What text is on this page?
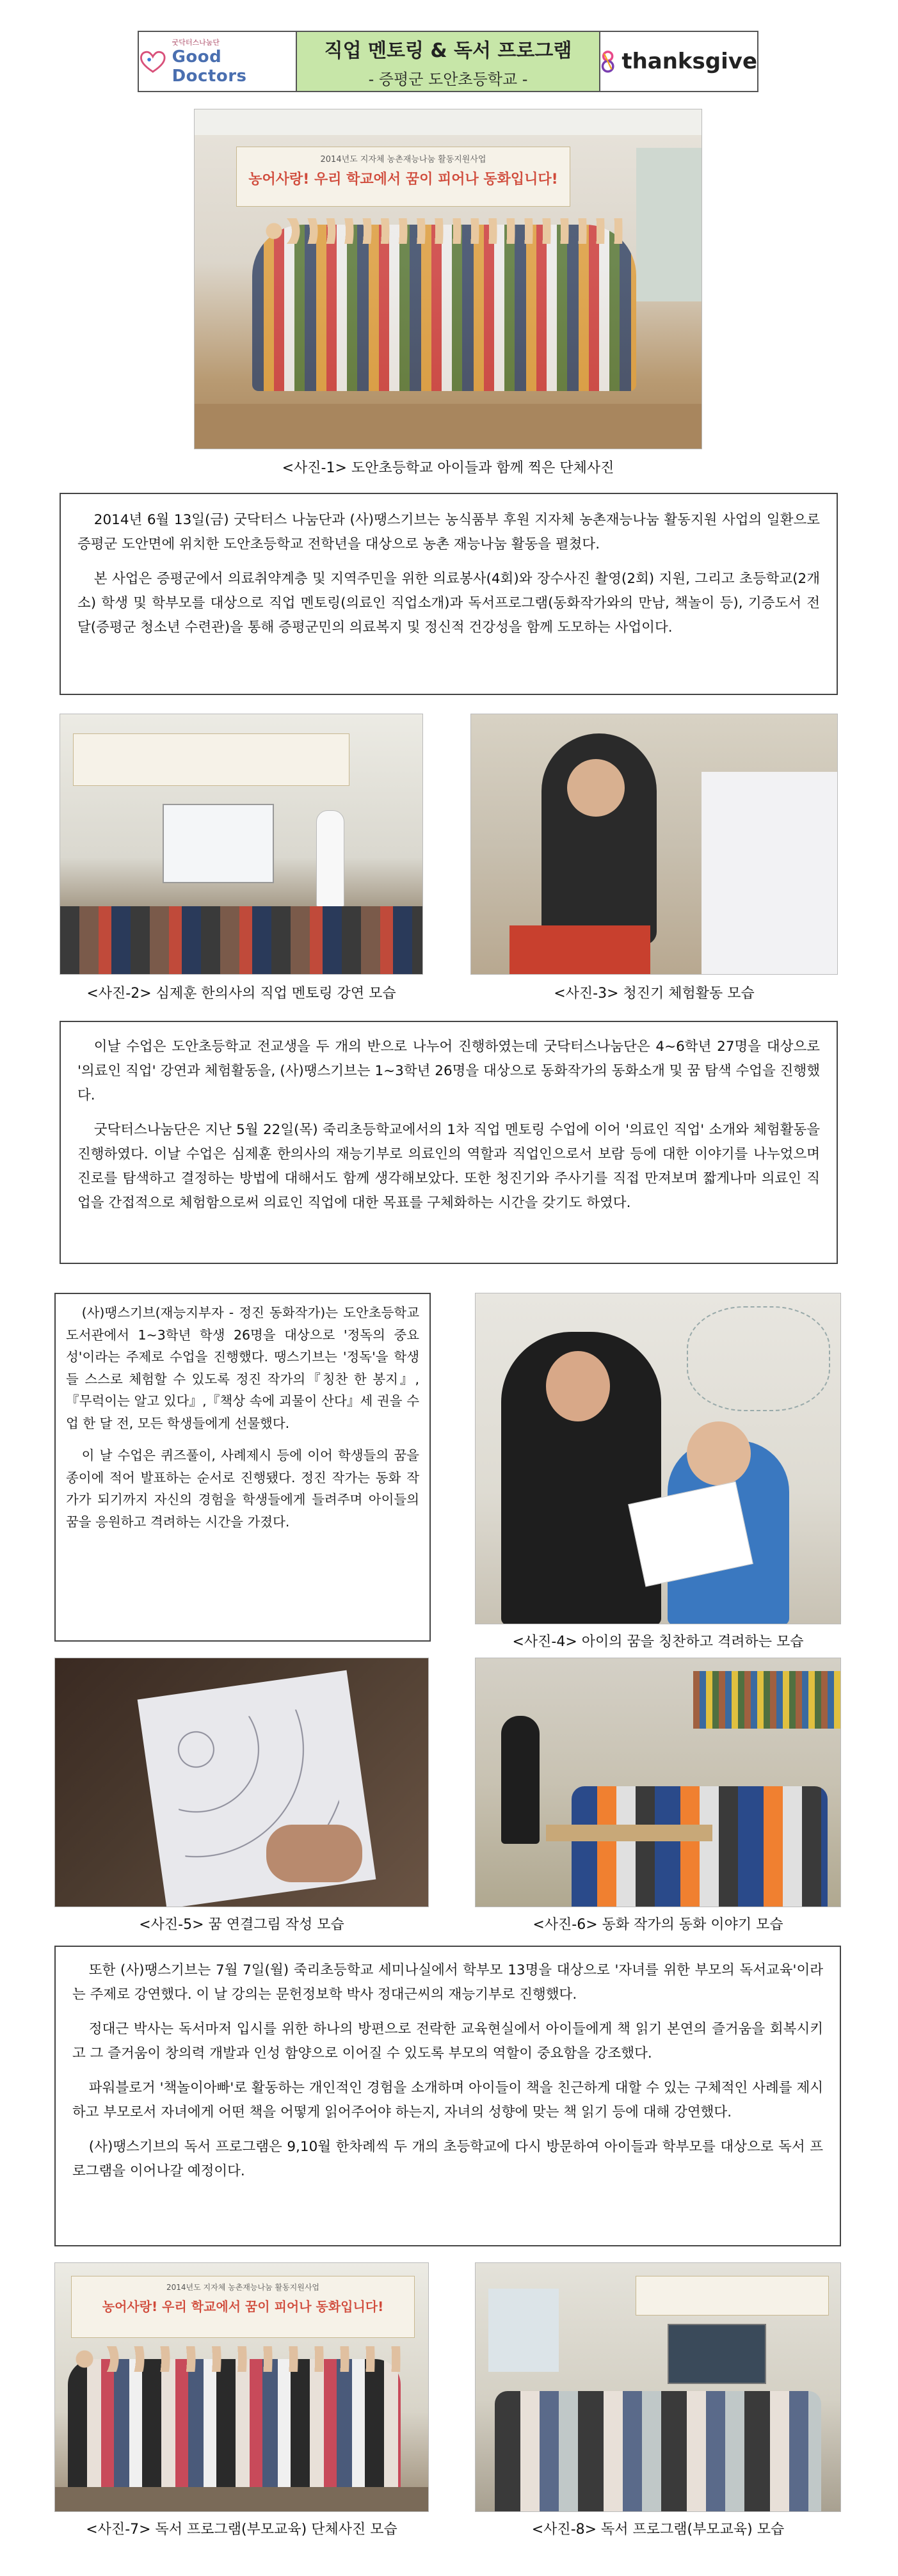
굿닥터스나눔단
Good Doctors
직업 멘토링 & 독서 프로그램
- 증평군 도안초등학교 -
thanksgive
2014년도 지자체 농촌재능나눔 활동지원사업
농어사랑! 우리 학교에서 꿈이 피어나 동화입니다!
<사진-1> 도안초등학교 아이들과 함께 찍은 단체사진

2014년 6월 13일(금) 굿닥터스 나눔단과 (사)땡스기브는 농식품부 후원 지자체 농촌재능나눔 활동지원 사업의 일환으로 증평군 도안면에 위치한 도안초등학교 전학년을 대상으로 농촌 재능나눔 활동을 펼쳤다.

본 사업은 증평군에서 의료취약계층 및 지역주민을 위한 의료봉사(4회)와 장수사진 촬영(2회) 지원, 그리고 초등학교(2개소) 학생 및 학부모를 대상으로 직업 멘토링(의료인 직업소개)과 독서프로그램(동화작가와의 만남, 책놀이 등), 기증도서 전달(증평군 청소년 수련관)을 통해 증평군민의 의료복지 및 정신적 건강성을 함께 도모하는 사업이다.

<사진-2> 심제훈 한의사의 직업 멘토링 강연 모습	<사진-3> 청진기 체험활동 모습

이날 수업은 도안초등학교 전교생을 두 개의 반으로 나누어 진행하였는데 굿닥터스나눔단은 4~6학년 27명을 대상으로 '의료인 직업' 강연과 체험활동을, (사)땡스기브는 1~3학년 26명을 대상으로 동화작가의 동화소개 및 꿈 탐색 수업을 진행했다.

굿닥터스나눔단은 지난 5월 22일(목) 죽리초등학교에서의 1차 직업 멘토링 수업에 이어 '의료인 직업' 소개와 체험활동을 진행하였다. 이날 수업은 심제훈 한의사의 재능기부로 의료인의 역할과 직업인으로서 보람 등에 대한 이야기를 나누었으며 진로를 탐색하고 결정하는 방법에 대해서도 함께 생각해보았다. 또한 청진기와 주사기를 직접 만져보며 짧게나마 의료인 직업을 간접적으로 체험함으로써 의료인 직업에 대한 목표를 구체화하는 시간을 갖기도 하였다.

(사)땡스기브(재능지부자 - 정진 동화작가)는 도안초등학교 도서관에서 1~3학년 학생 26명을 대상으로 '정독의 중요성'이라는 주제로 수업을 진행했다. 땡스기브는 '정독'을 학생들 스스로 체험할 수 있도록 정진 작가의『칭찬 한 봉지』,『무럭이는 알고 있다』,『책상 속에 괴물이 산다』세 권을 수업 한 달 전, 모든 학생들에게 선물했다.

이 날 수업은 퀴즈풀이, 사례제시 등에 이어 학생들의 꿈을 종이에 적어 발표하는 순서로 진행됐다. 정진 작가는 동화 작가가 되기까지 자신의 경험을 학생들에게 들려주며 아이들의 꿈을 응원하고 격려하는 시간을 가졌다.

<사진-4> 아이의 꿈을 칭찬하고 격려하는 모습
<사진-5> 꿈 연결그림 작성 모습	<사진-6> 동화 작가의 동화 이야기 모습

또한 (사)땡스기브는 7월 7일(월) 죽리초등학교 세미나실에서 학부모 13명을 대상으로 '자녀를 위한 부모의 독서교육'이라는 주제로 강연했다. 이 날 강의는 문헌정보학 박사 정대근씨의 재능기부로 진행했다.

정대근 박사는 독서마저 입시를 위한 하나의 방편으로 전락한 교육현실에서 아이들에게 책 읽기 본연의 즐거움을 회복시키고 그 즐거움이 창의력 개발과 인성 함양으로 이어질 수 있도록 부모의 역할이 중요함을 강조했다.

파워블로거 '책놀이아빠'로 활동하는 개인적인 경험을 소개하며 아이들이 책을 친근하게 대할 수 있는 구체적인 사례를 제시하고 부모로서 자녀에게 어떤 책을 어떻게 읽어주어야 하는지, 자녀의 성향에 맞는 책 읽기 등에 대해 강연했다.

(사)땡스기브의 독서 프로그램은 9,10월 한차례씩 두 개의 초등학교에 다시 방문하여 아이들과 학부모를 대상으로 독서 프로그램을 이어나갈 예정이다.

2014년도 지자체 농촌재능나눔 활동지원사업
농어사랑! 우리 학교에서 꿈이 피어나 동화입니다!
<사진-7> 독서 프로그램(부모교육) 단체사진 모습	<사진-8> 독서 프로그램(부모교육) 모습
